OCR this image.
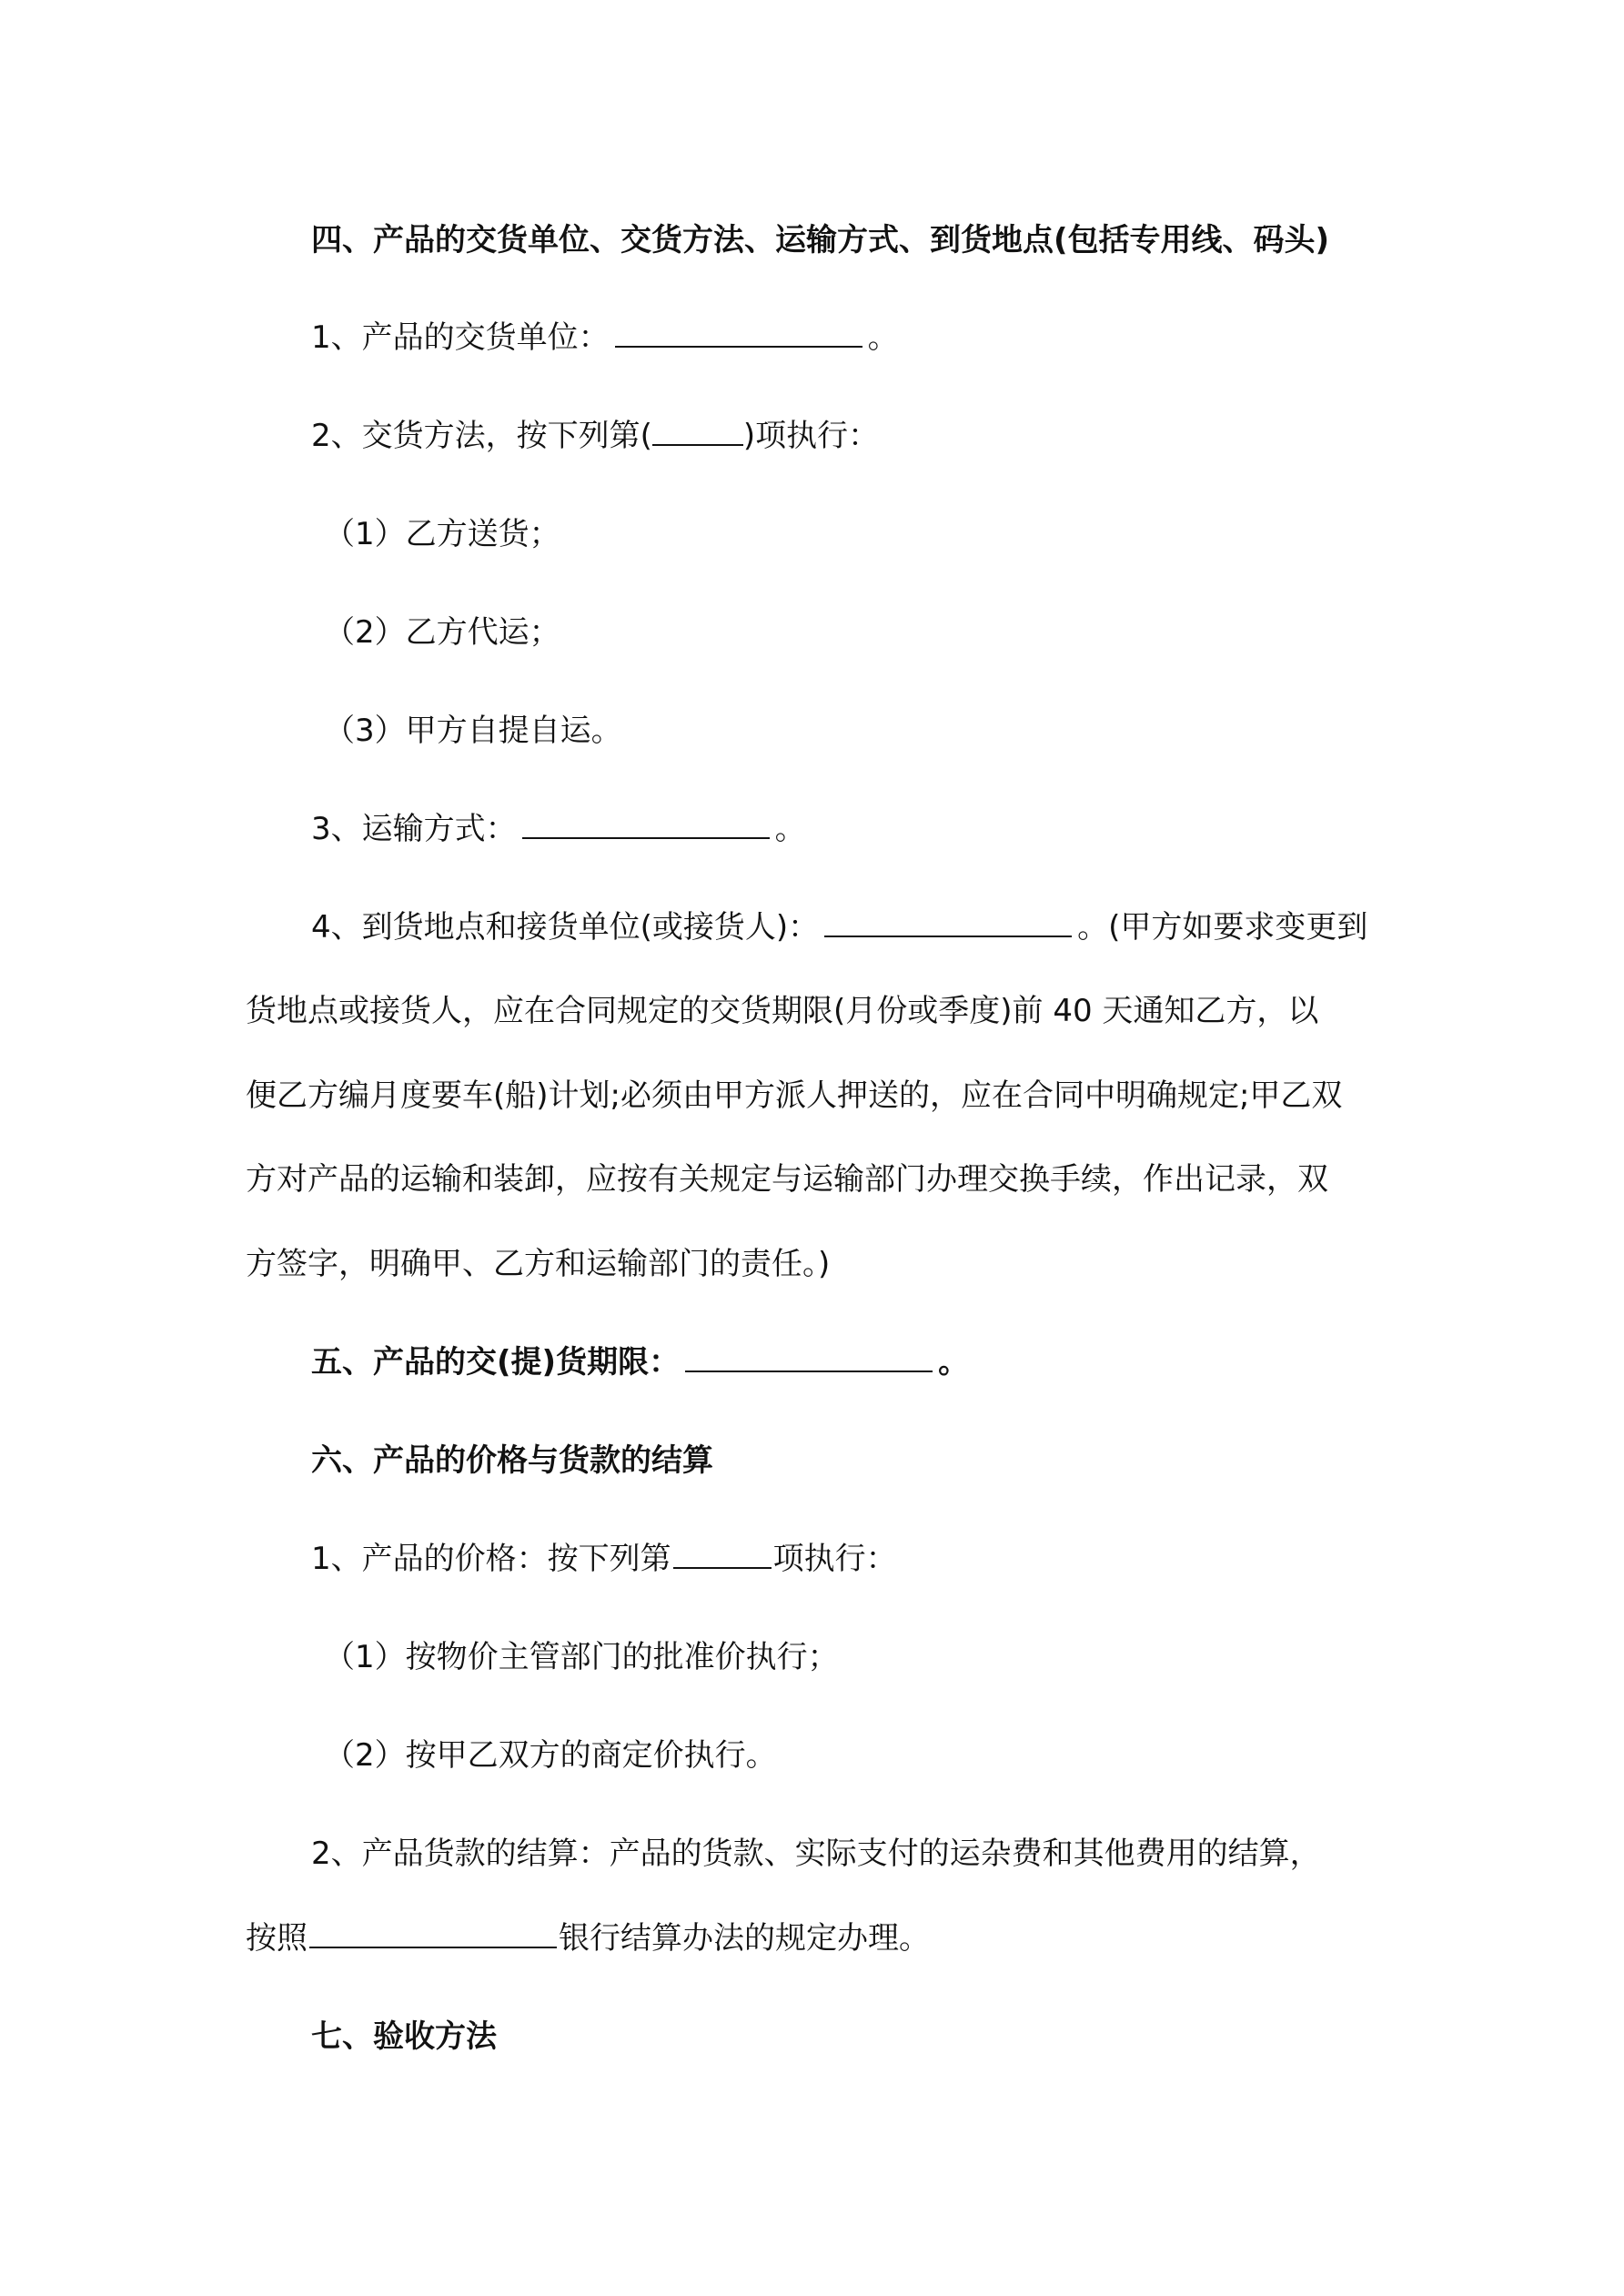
四、产品的交货单位、交货方法、运输方式、到货地点(包括专用线、码头)
1、产品的交货单位：	。
2、交货方法，按下列第(	)项执行：
（1）乙方送货；
（2）乙方代运；
（3）甲方自提自运。
3、运输方式：	。
4、到货地点和接货单位(或接货人)：	。(甲方如要求变更到
货地点或接货人，应在合同规定的交货期限(月份或季度)前 40 天通知乙方，以
便乙方编月度要车(船)计划;必须由甲方派人押送的，应在合同中明确规定;甲乙双
方对产品的运输和装卸，应按有关规定与运输部门办理交换手续，作出记录，双
方签字，明确甲、乙方和运输部门的责任。)
五、产品的交(提)货期限：	。
六、产品的价格与货款的结算
1、产品的价格：按下列第	项执行：
（1）按物价主管部门的批准价执行；
（2）按甲乙双方的商定价执行。
2、产品货款的结算：产品的货款、实际支付的运杂费和其他费用的结算，
按照	银行结算办法的规定办理。
七、验收方法
